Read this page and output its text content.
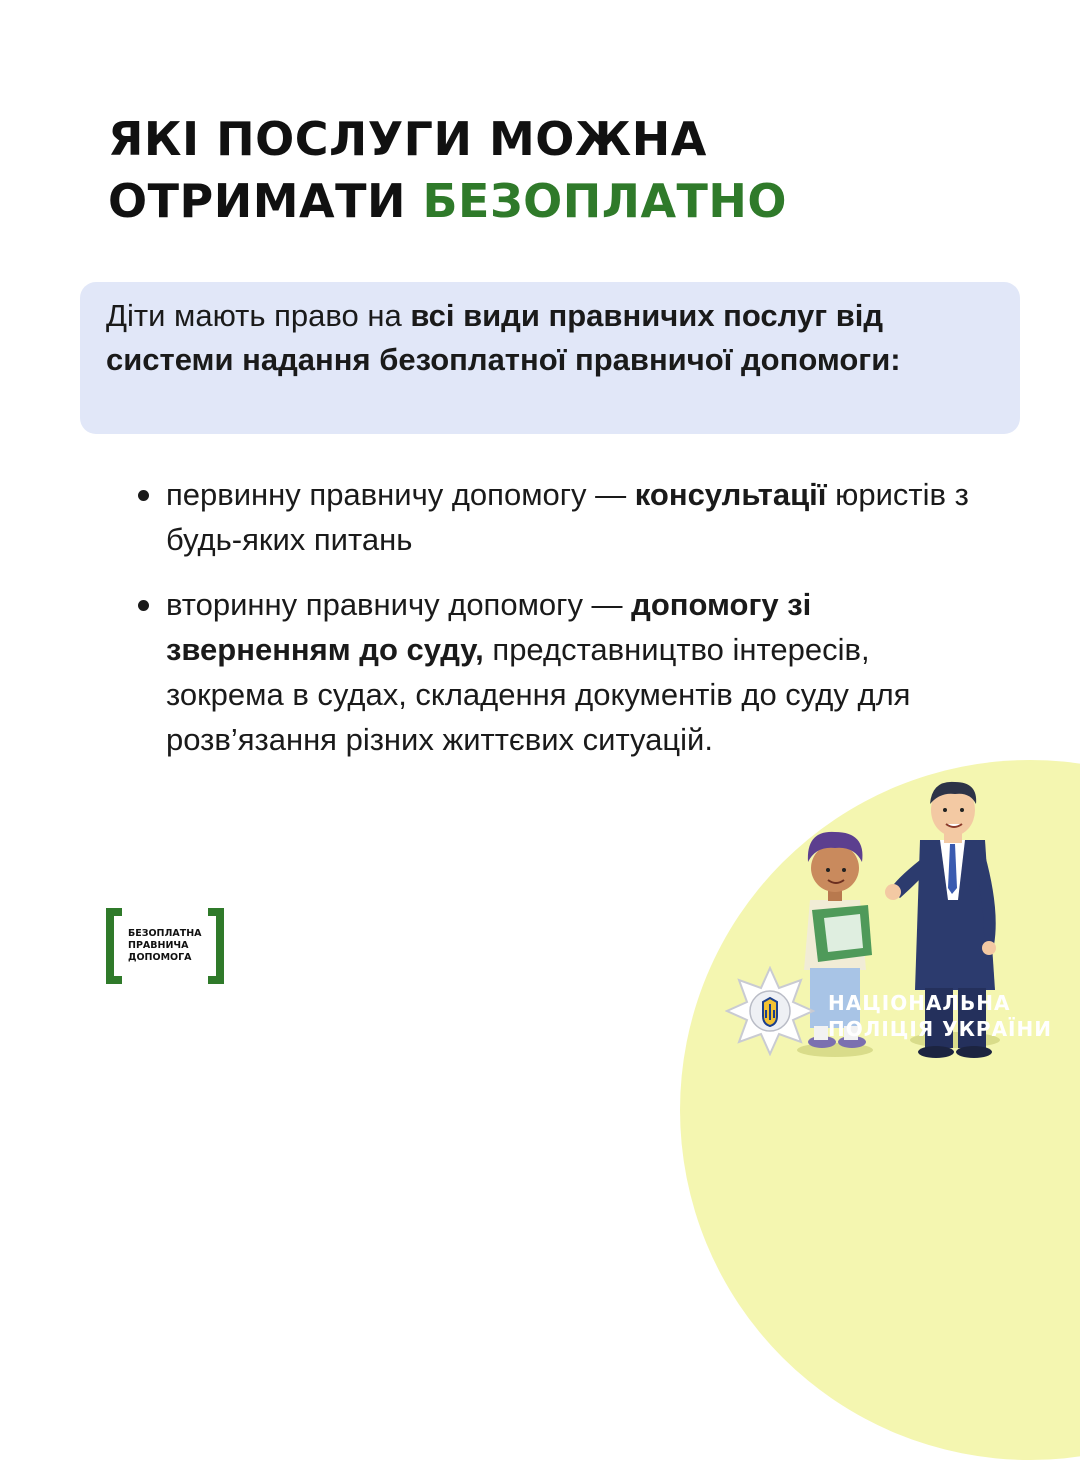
ЯКІ ПОСЛУГИ МОЖНА
ОТРИМАТИ БЕЗОПЛАТНО
Діти мають право на всі види правничих послуг від системи надання безоплатної правничої допомоги:
первинну правничу допомогу — консультації юристів з будь-яких питань
вторинну правничу допомогу — допомогу зі зверненням до суду, представництво інтересів, зокрема в судах, складення документів до суду для розв’язання різних життєвих ситуацій.
БЕЗОПЛАТНА
ПРАВНИЧА
ДОПОМОГА
НАЦІОНАЛЬНА
ПОЛІЦІЯ УКРАЇНИ
